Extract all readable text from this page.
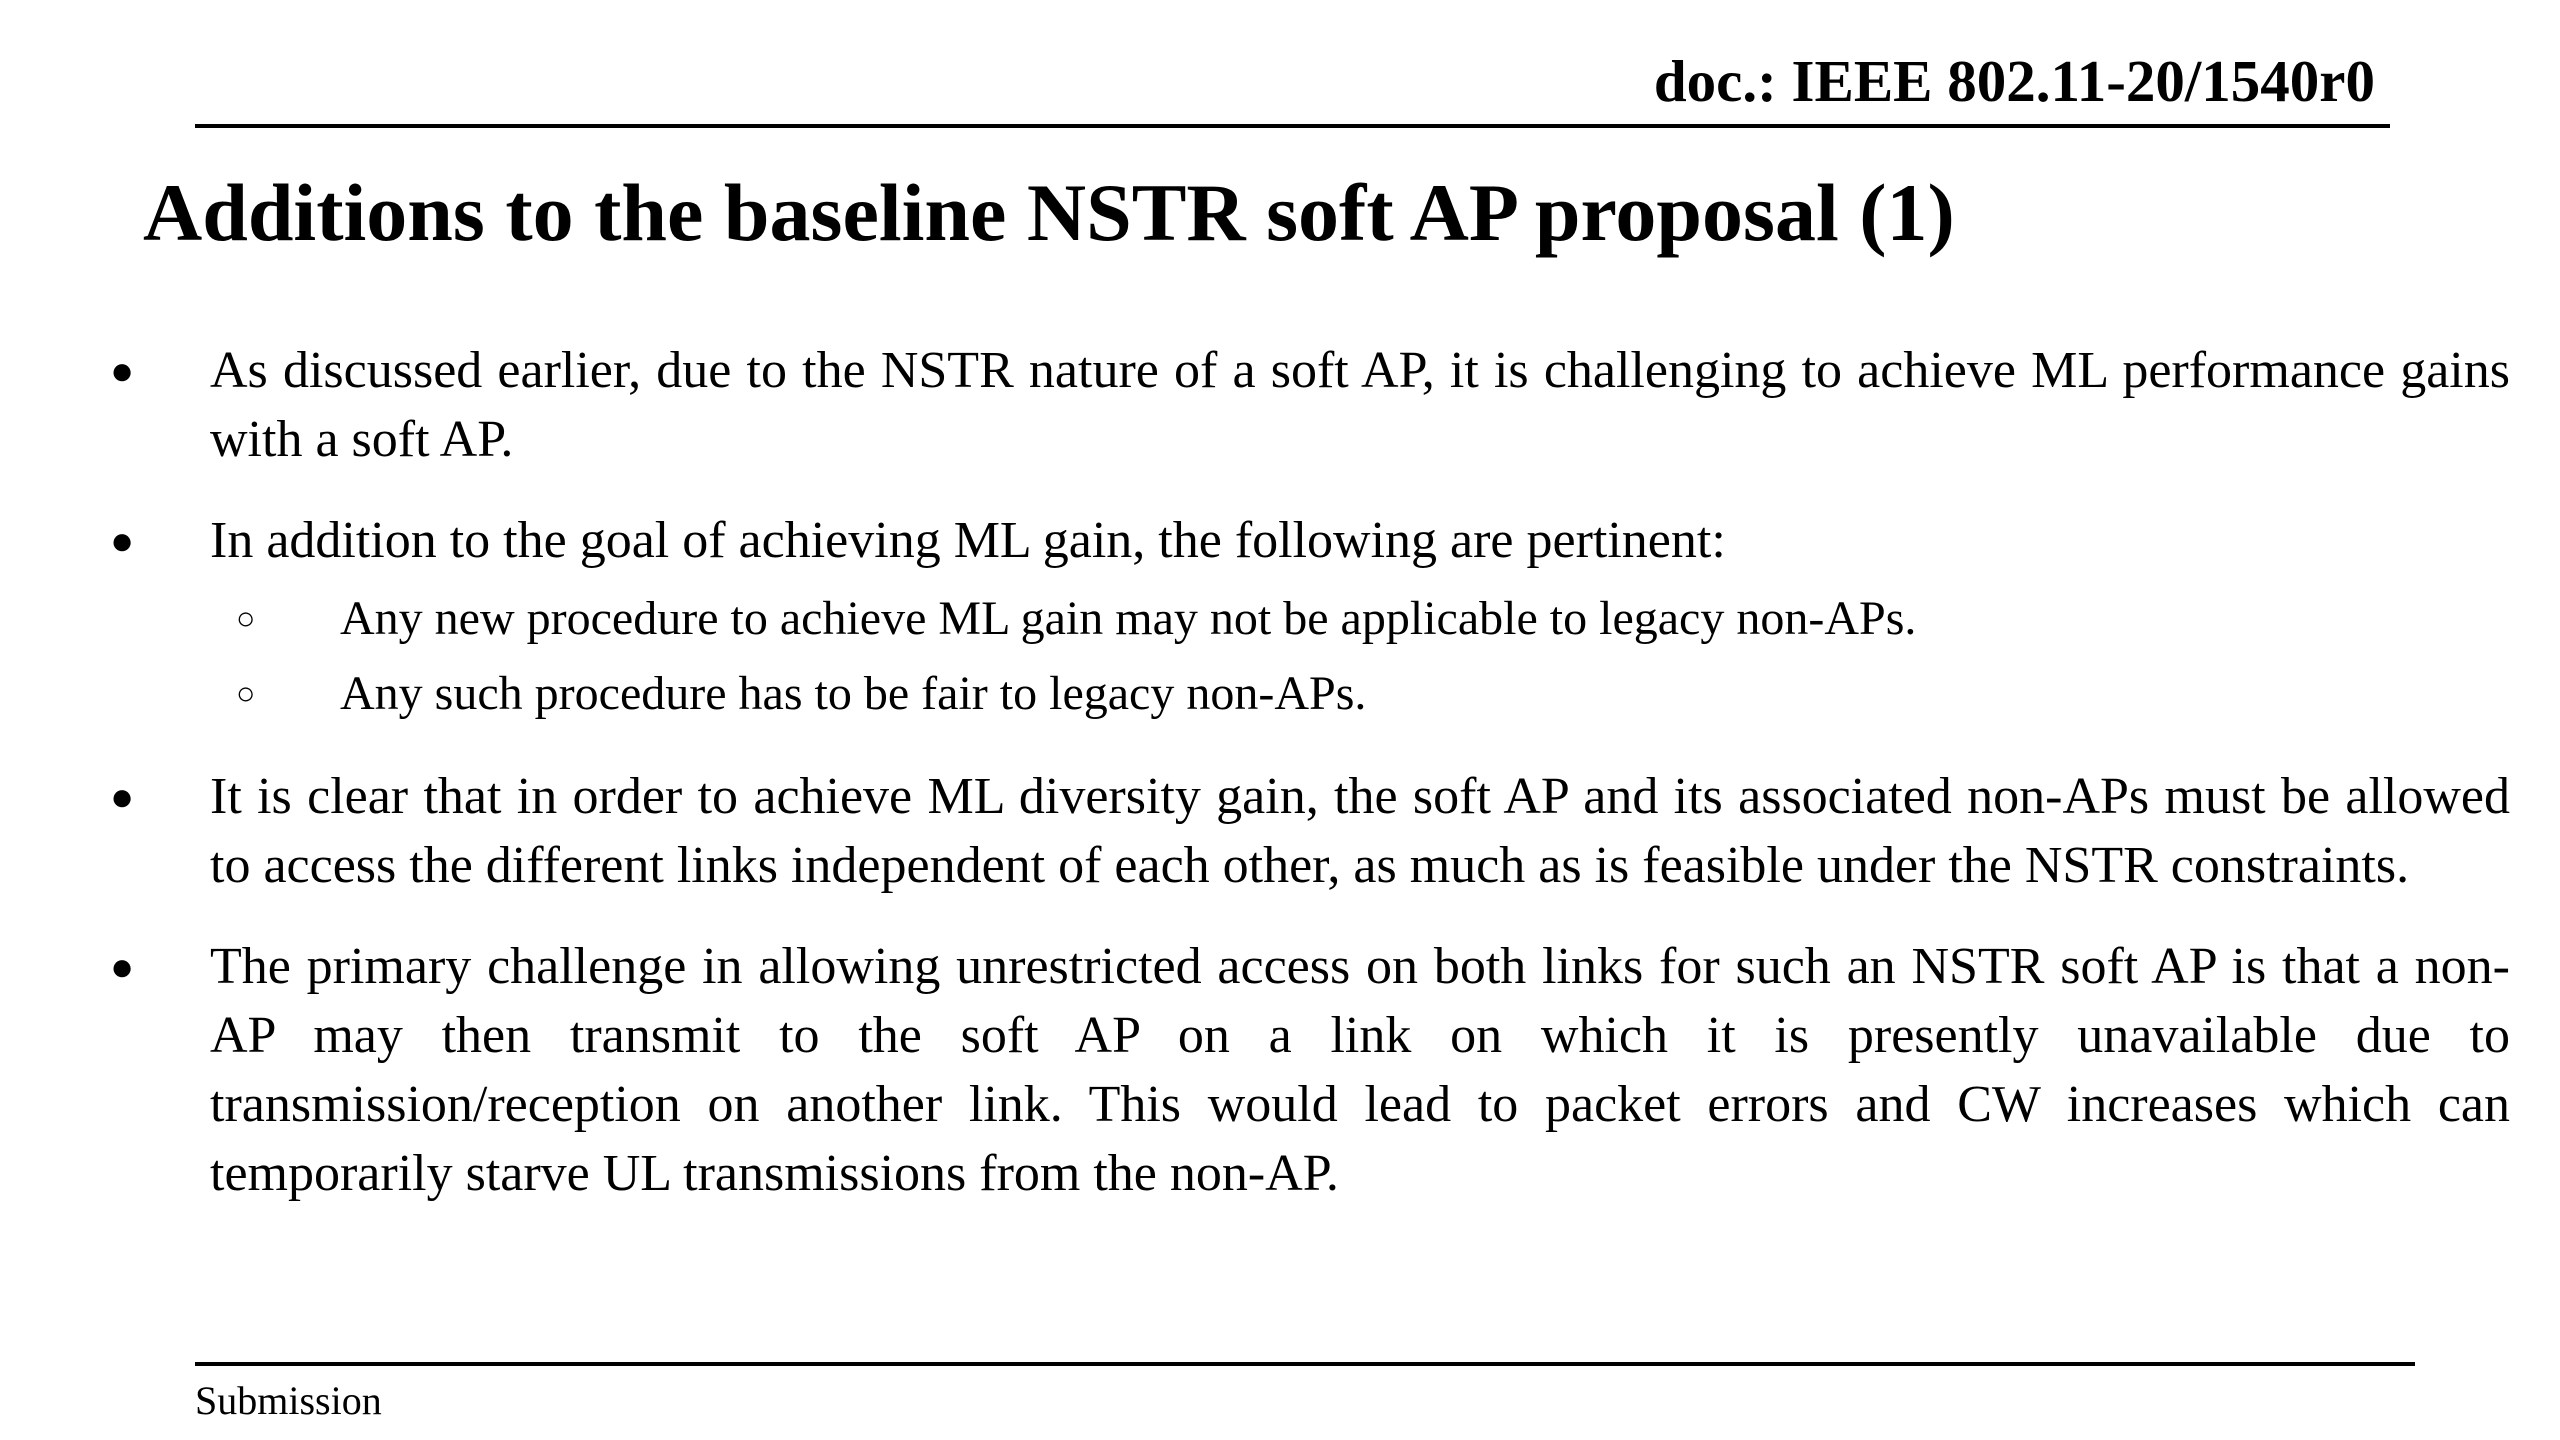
doc.: IEEE 802.11-20/1540r0
Additions to the baseline NSTR soft AP proposal (1)
●	As discussed earlier, due to the NSTR nature of a soft AP, it is challenging to achieve ML performance gains with a soft AP.
●	In addition to the goal of achieving ML gain, the following are pertinent:
○ Any new procedure to achieve ML gain may not be applicable to legacy non-APs.
○ Any such procedure has to be fair to legacy non-APs.
●	It is clear that in order to achieve ML diversity gain, the soft AP and its associated non-APs must be allowed to access the different links independent of each other, as much as is feasible under the NSTR constraints.
●	The primary challenge in allowing unrestricted access on both links for such an NSTR soft AP is that a non-AP may then transmit to the soft AP on a link on which it is presently unavailable due to transmission/reception on another link. This would lead to packet errors and CW increases which can temporarily starve UL transmissions from the non-AP.
Submission
